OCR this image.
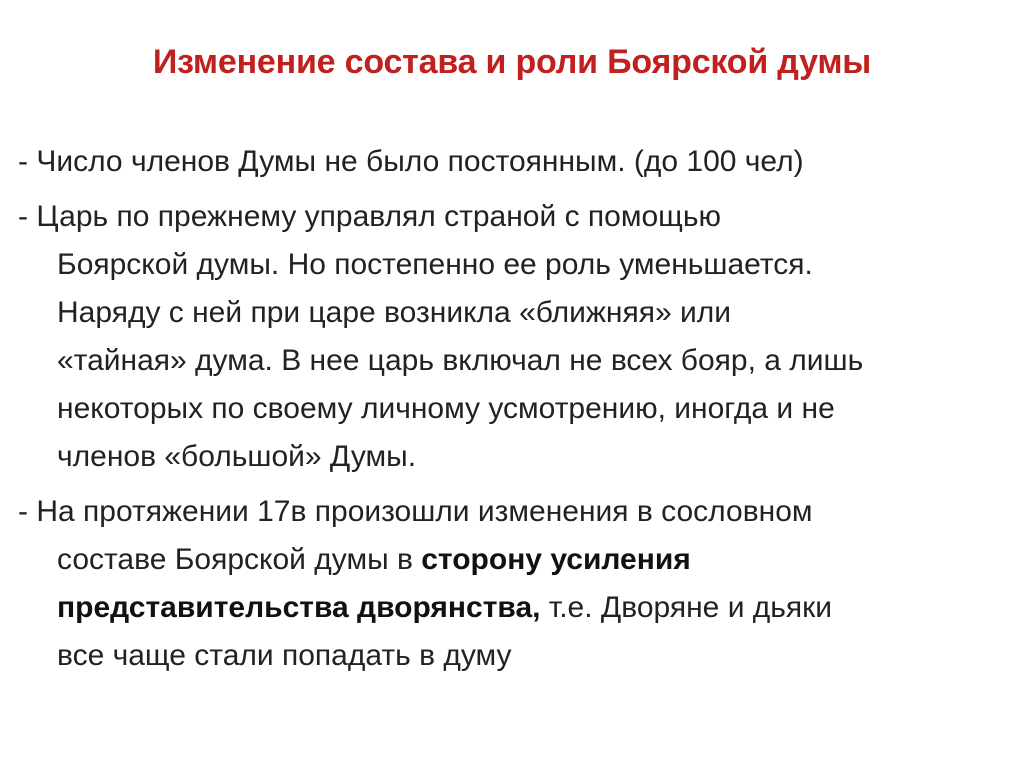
Изменение состава и роли Боярской думы
- Число членов Думы не было постоянным. (до 100 чел)
- Царь по прежнему управлял страной с помощью
Боярской думы. Но постепенно ее роль уменьшается.
Наряду с ней при царе возникла «ближняя» или
«тайная» дума. В нее царь включал не всех бояр, а лишь
некоторых по своему личному усмотрению, иногда и не
членов «большой» Думы.
- На протяжении 17в произошли изменения в сословном
составе Боярской думы в сторону усиления
представительства дворянства, т.е. Дворяне и дьяки
все чаще стали попадать в думу
